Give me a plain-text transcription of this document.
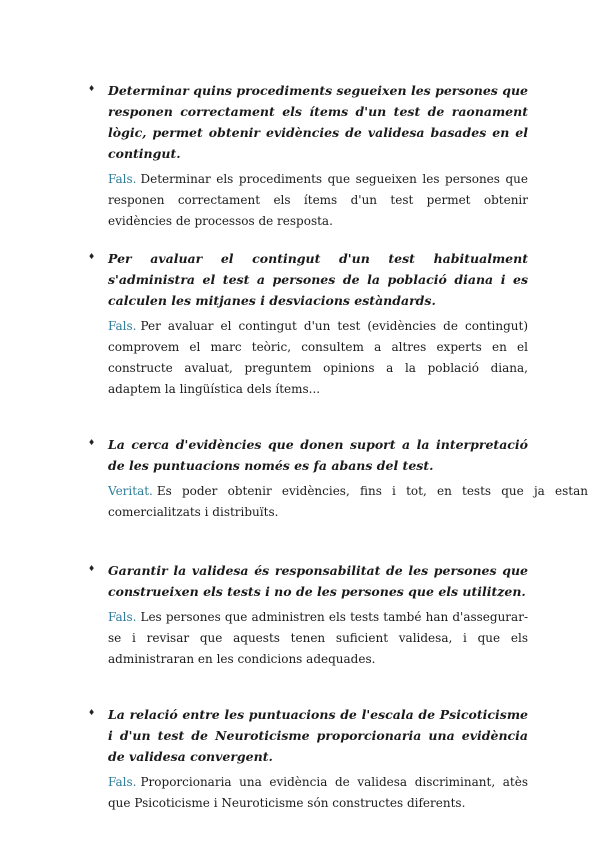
♦ Determinar quins procediments segueixen les persones que responen correctament els ítems d'un test de raonament lògic, permet obtenir evidències de validesa basades en el contingut.

Fals. Determinar els procediments que segueixen les persones que responen correctament els ítems d'un test permet obtenir evidències de processos de resposta.

♦ Per avaluar el contingut d'un test habitualment s'administra el test a persones de la població diana i es calculen les mitjanes i desviacions estàndards.

Fals. Per avaluar el contingut d'un test (evidències de contingut) comprovem el marc teòric, consultem a altres experts en el constructe avaluat, preguntem opinions a la població diana, adaptem la lingüística dels ítems...

♦ La cerca d'evidències que donen suport a la interpretació de les puntuacions només es fa abans del test.

Veritat. Es poder obtenir evidències, fins i tot, en tests que ja estan comercialitzats i distribuïts.

♦ Garantir la validesa és responsabilitat de les persones que construeixen els tests i no de les persones que els utilitzen.

Fals. Les persones que administren els tests també han d'assegurar-se i revisar que aquests tenen suficient validesa, i que els administraran en les condicions adequades.

♦ La relació entre les puntuacions de l'escala de Psicoticisme i d'un test de Neuroticisme proporcionaria una evidència de validesa convergent.

Fals. Proporcionaria una evidència de validesa discriminant, atès que Psicoticisme i Neuroticisme són constructes diferents.
